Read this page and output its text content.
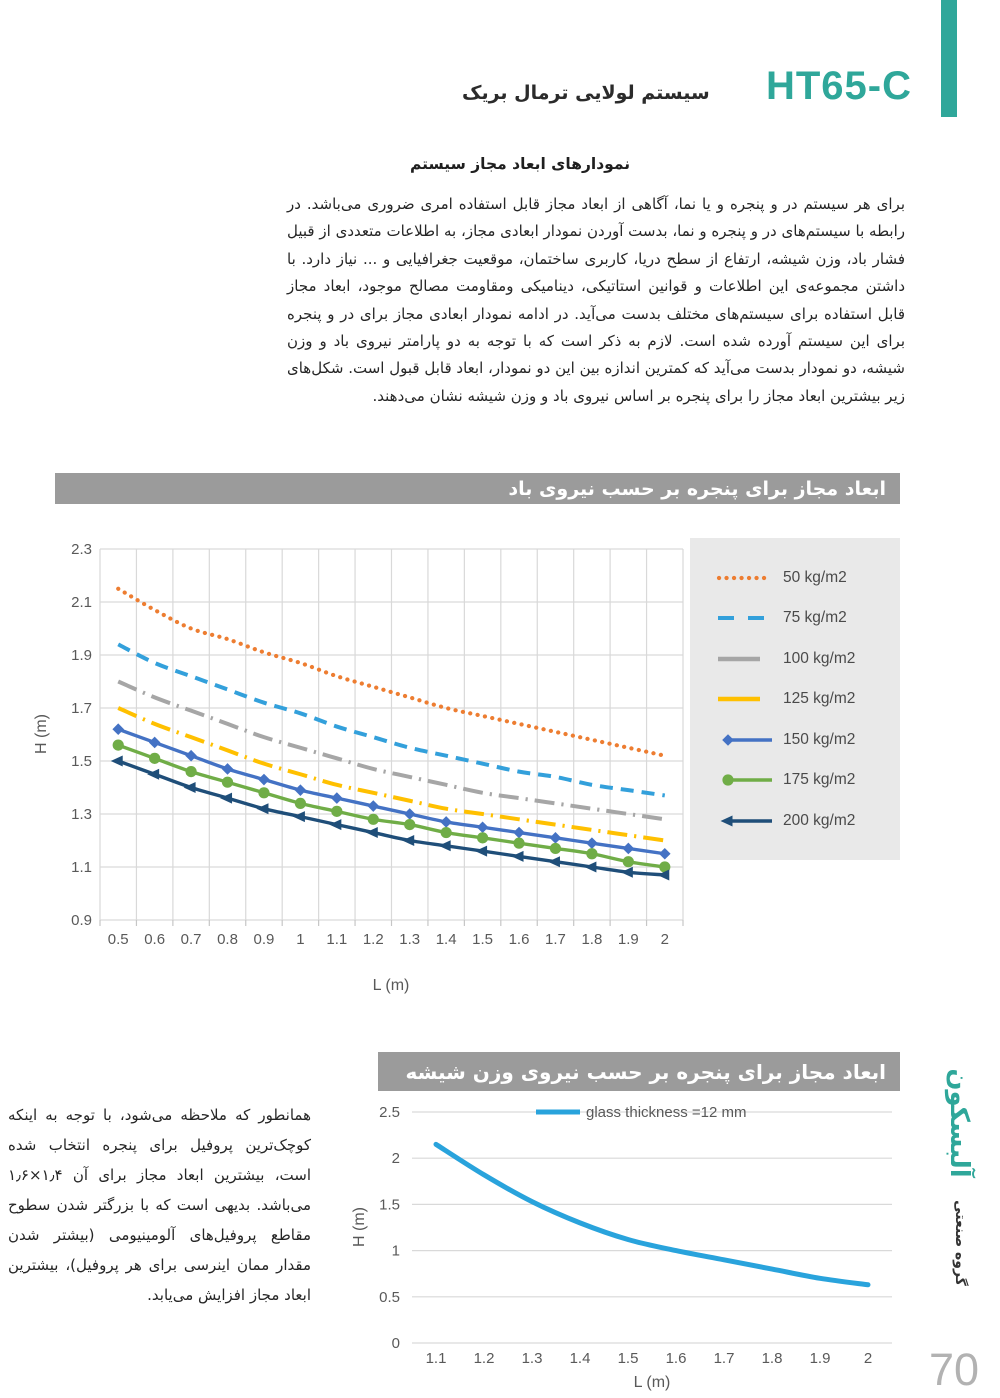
HT65-C
سیستم لولایی ترمال بریک
نمودارهای ابعاد مجاز سیستم
برای هر سیستم در و پنجره و یا نما، آگاهی از ابعاد مجاز قابل استفاده امری ضروری می‌باشد. در رابطه با سیستم‌های در و پنجره و نما، بدست آوردن نمودار ابعادی مجاز، به اطلاعات متعددی از قبیل فشار باد، وزن شیشه، ارتفاع از سطح دریا، کاربری ساختمان، موقعیت جغرافیایی و ... نیاز دارد. با داشتن مجموعه‌ی این اطلاعات و قوانین استاتیکی، دینامیکی ومقاومت مصالح موجود، ابعاد مجاز قابل استفاده برای سیستم‌های مختلف بدست می‌آید. در ادامه نمودار ابعادی مجاز برای در و پنجره برای این سیستم آورده شده است. لازم به ذکر است که با توجه به دو پارامتر نیروی باد و وزن شیشه، دو نمودار بدست می‌آید که کمترین اندازه بین این دو نمودار، ابعاد قابل قبول است. شکل‌های زیر بیشترین ابعاد مجاز را برای پنجره بر اساس نیروی باد و وزن شیشه نشان می‌دهند.
ابعاد مجاز برای پنجره بر حسب نیروی باد
0.9
1.1
1.3
1.5
1.7
1.9
2.1
2.3
0.5 0.6 0.7 0.8 0.9 1 1.1 1.2 1.3 1.4 1.5 1.6 1.7 1.8 1.9 2
L (m)
H (m)
50 kg/m2
75 kg/m2
100 kg/m2
125 kg/m2
150 kg/m2
175 kg/m2
200 kg/m2
ابعاد مجاز برای پنجره بر حسب نیروی وزن شیشه
0
0.5
1
1.5
2
2.5
1.1 1.2 1.3 1.4 1.5 1.6 1.7 1.8 1.9 2
L (m)
H (m)
glass thickness =12 mm
همانطور که ملاحظه می‌شود، با توجه به اینکه کوچک‌ترین پروفیل برای پنجره انتخاب شده است، بیشترین ابعاد مجاز برای آن ۱٫۴×۱٫۶ می‌باشد. بدیهی است که با بزرگتر شدن سطوح مقاطع پروفیل‌های آلومینیومی (بیشتر شدن مقدار ممان اینرسی برای هر پروفیل)، بیشترین ابعاد مجاز افزایش می‌یابد.
آلبسکون
گروه صنعتی
70
